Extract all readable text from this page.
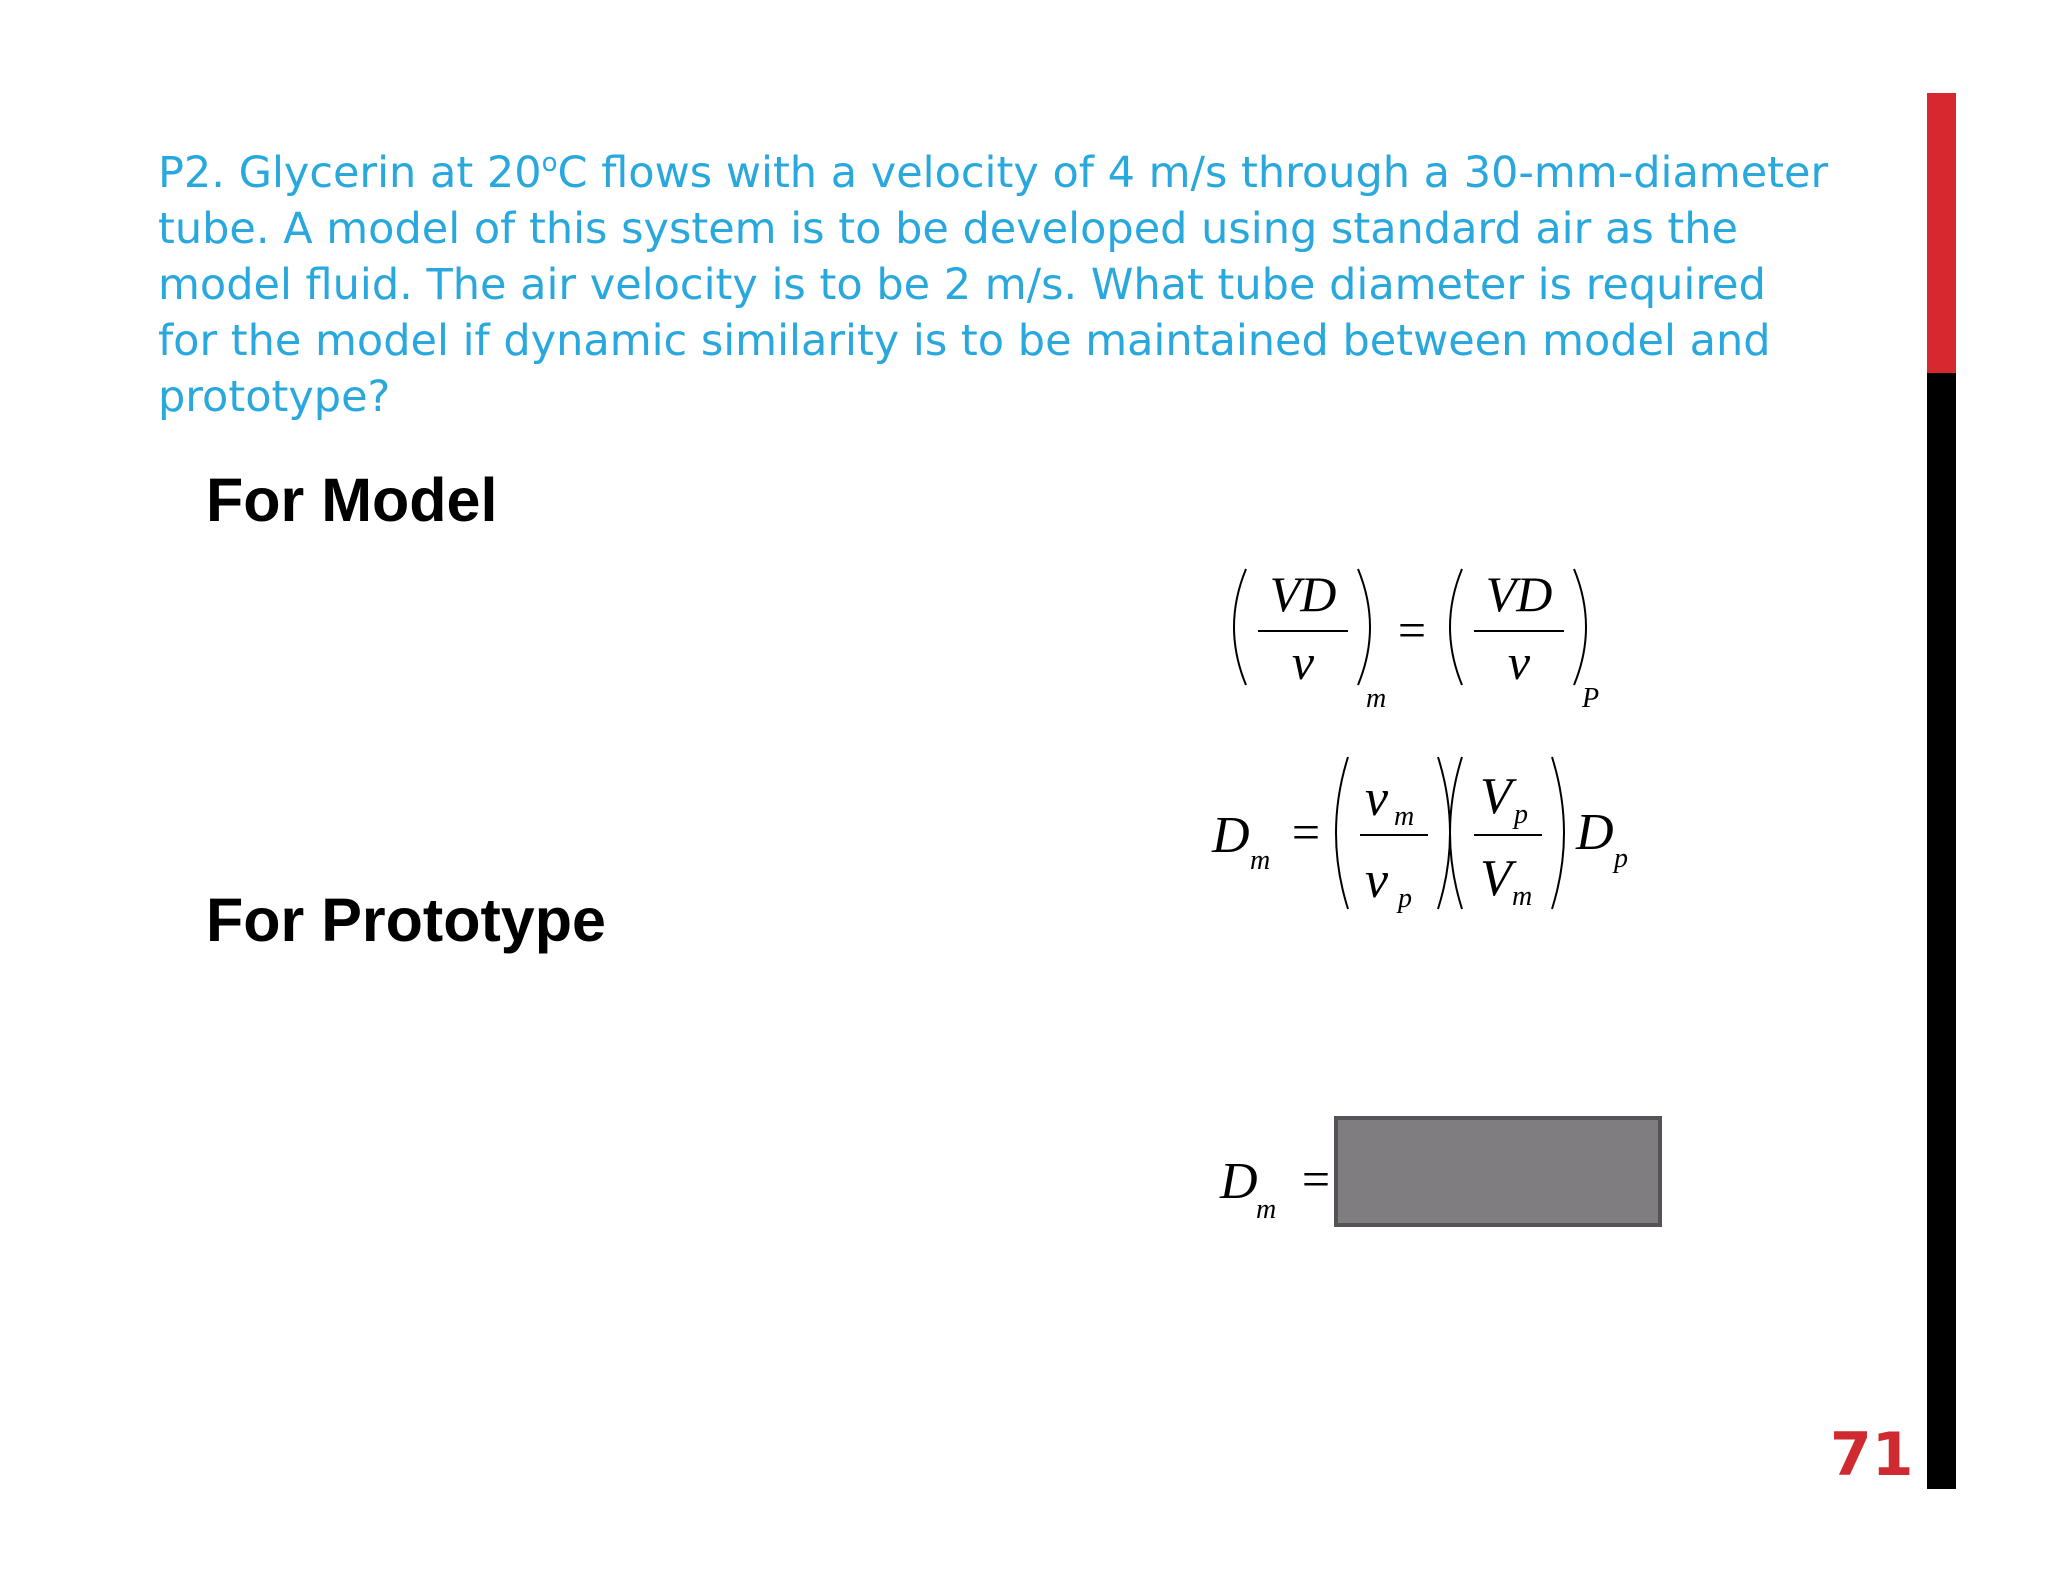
P2. Glycerin at 20$^o$C flows with a velocity of 4 m/s through a 30-mm-diameter tube. A model of this system is to be developed using standard air as the model fluid. The air velocity is to be 2 m/s. What tube diameter is required for the model if dynamic similarity is to be maintained between model and prototype?
For Model
For Prototype
VD
ν
m
=
VD
ν
P
D m
=
ν m
ν p
V p
V m
D p
D
m
=
71
